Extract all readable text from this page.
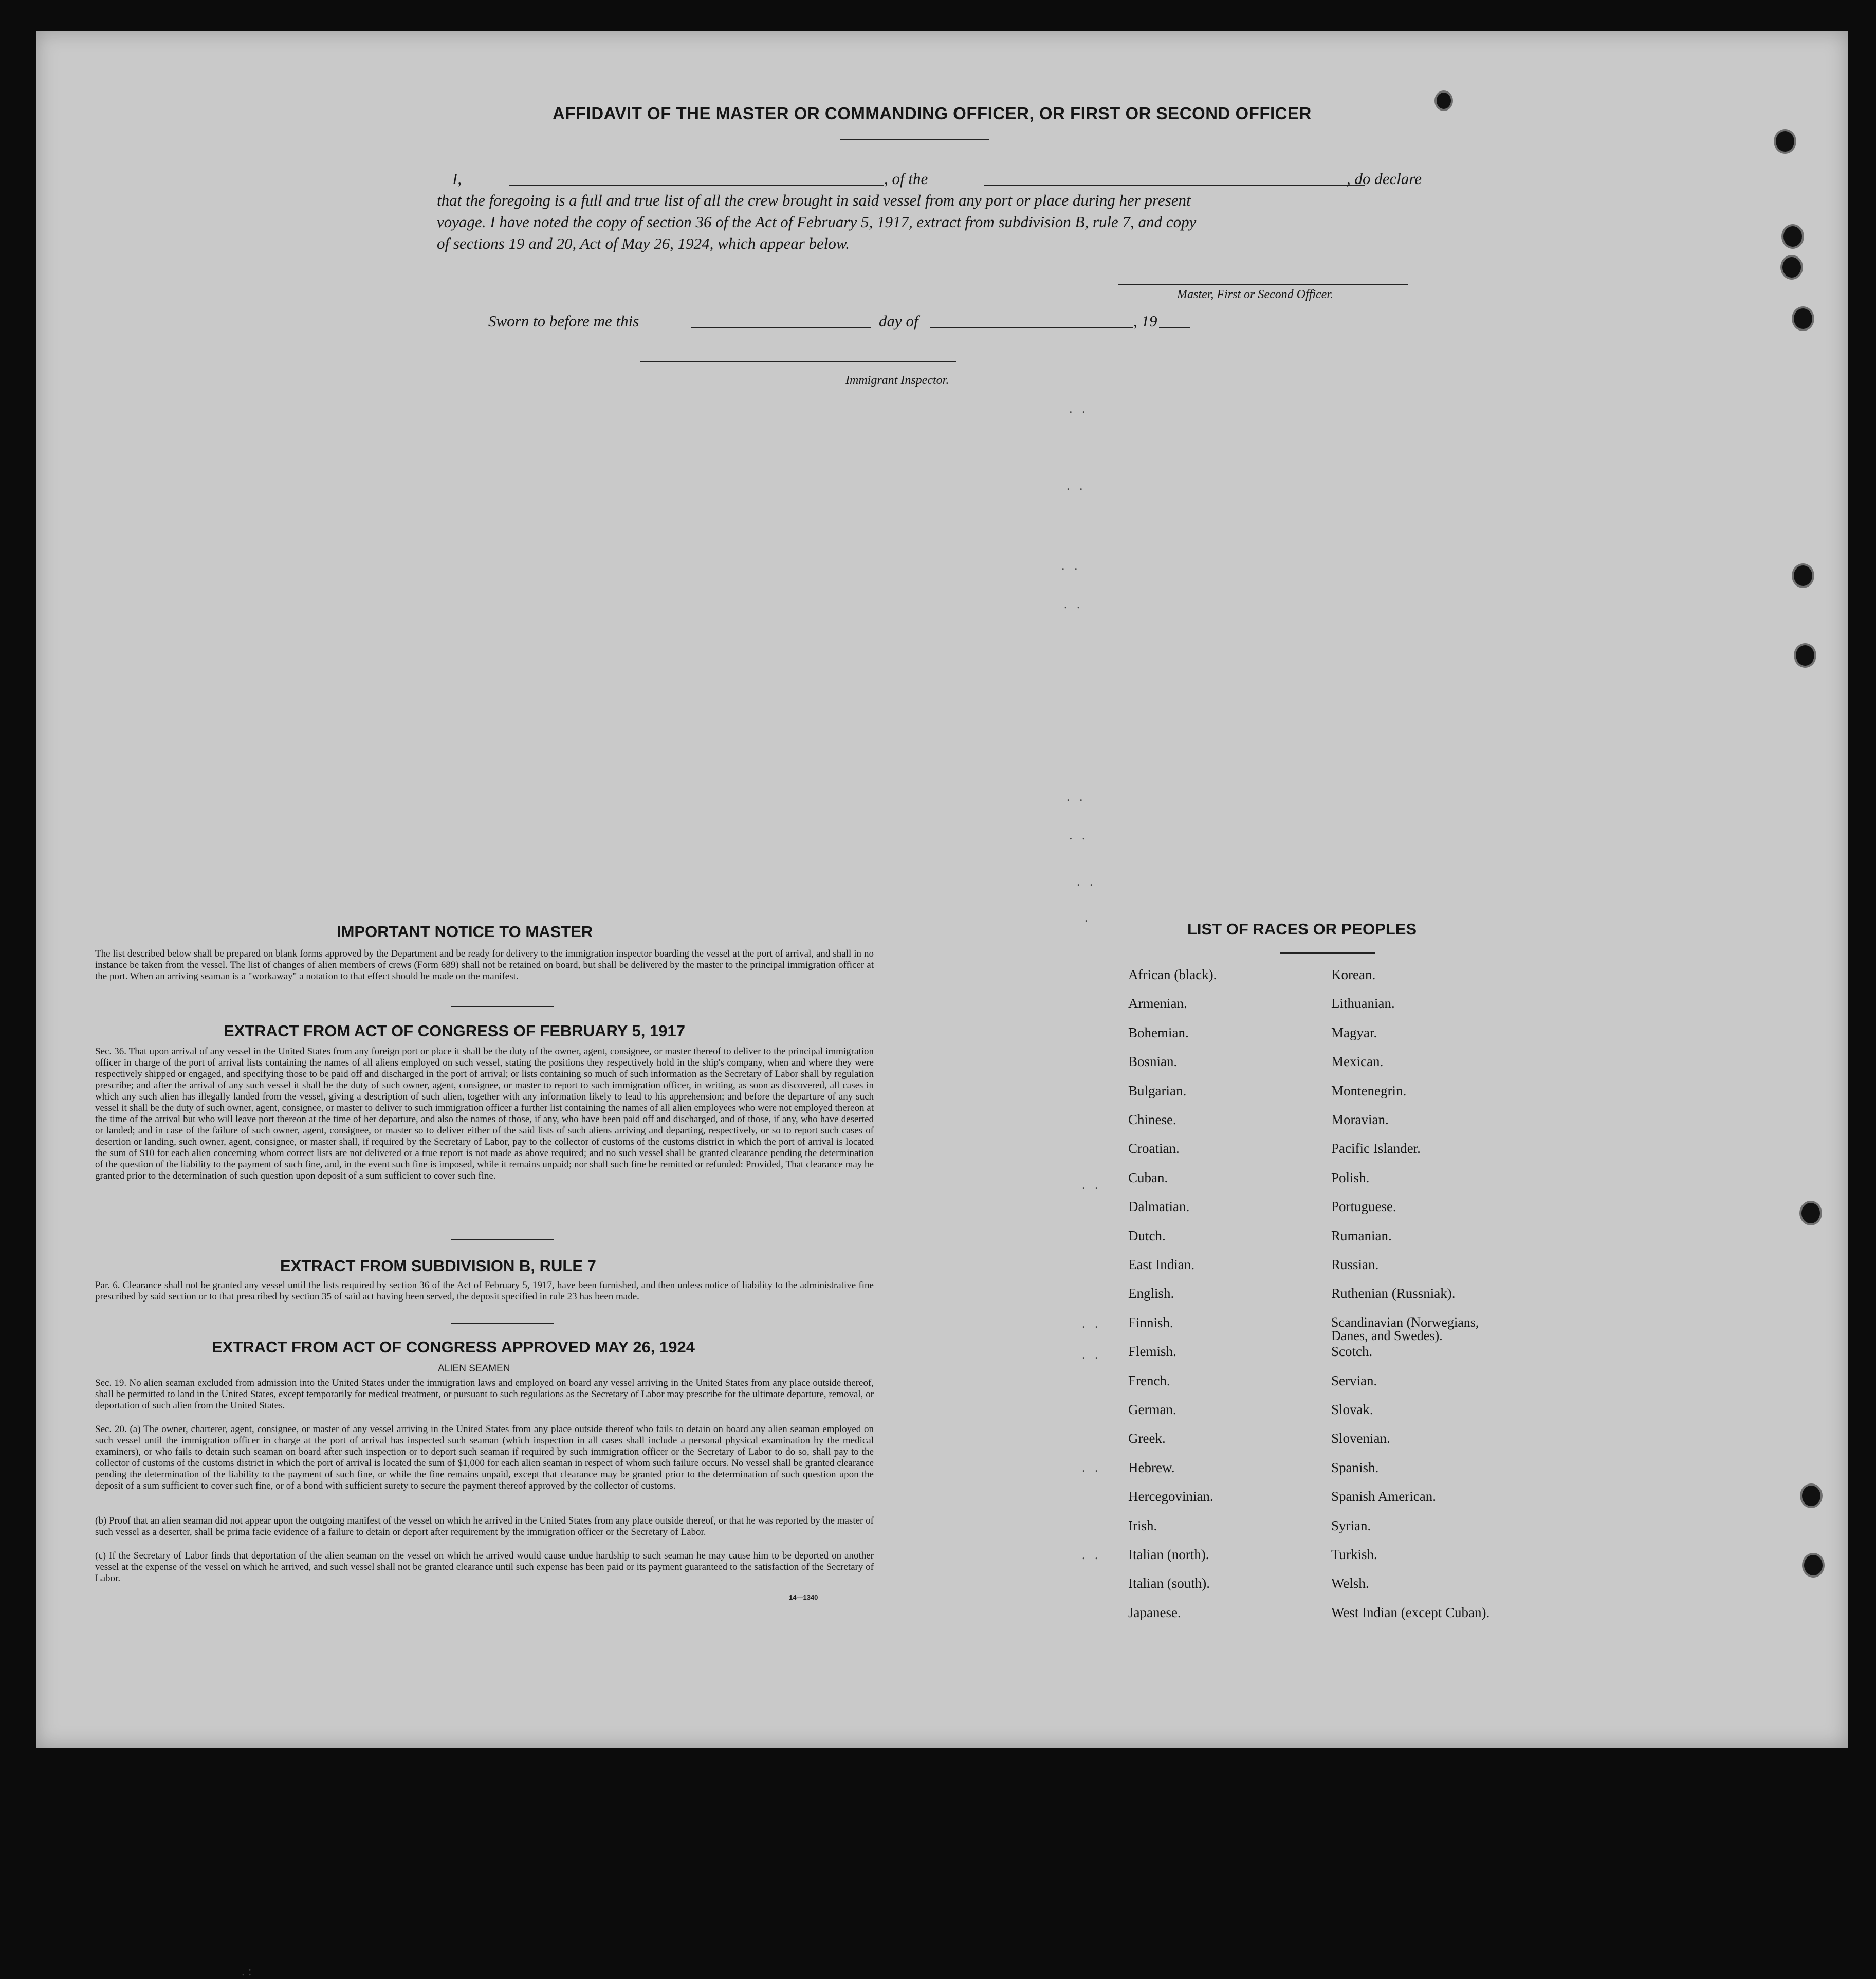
. .
. .
. .
. .
. .
. .
. .
.
. .
. .
. .
. .
. .
.:
AFFIDAVIT OF THE MASTER OR COMMANDING OFFICER, OR FIRST OR SECOND OFFICER
I,	, of the	, do declare
that the foregoing is a full and true list of all the crew brought in said vessel from any port or place during her present
voyage. I have noted the copy of section 36 of the Act of February 5, 1917, extract from subdivision B, rule 7, and copy
of sections 19 and 20, Act of May 26, 1924, which appear below.
Master, First or Second Officer.
Sworn to before me this	day of	, 19
Immigrant Inspector.
IMPORTANT NOTICE TO MASTER
The list described below shall be prepared on blank forms approved by the Department and be ready for delivery to the immigration inspector boarding the vessel at the port of arrival, and shall in no instance be taken from the vessel. The list of changes of alien members of crews (Form 689) shall not be retained on board, but shall be delivered by the master to the principal immigration officer at the port. When an arriving seaman is a "workaway" a notation to that effect should be made on the manifest.
EXTRACT FROM ACT OF CONGRESS OF FEBRUARY 5, 1917
Sec. 36. That upon arrival of any vessel in the United States from any foreign port or place it shall be the duty of the owner, agent, consignee, or master thereof to deliver to the principal immigration officer in charge of the port of arrival lists containing the names of all aliens employed on such vessel, stating the positions they respectively hold in the ship's company, when and where they were respectively shipped or engaged, and specifying those to be paid off and discharged in the port of arrival; or lists containing so much of such information as the Secretary of Labor shall by regulation prescribe; and after the arrival of any such vessel it shall be the duty of such owner, agent, consignee, or master to report to such immigration officer, in writing, as soon as discovered, all cases in which any such alien has illegally landed from the vessel, giving a description of such alien, together with any information likely to lead to his apprehension; and before the departure of any such vessel it shall be the duty of such owner, agent, consignee, or master to deliver to such immigration officer a further list containing the names of all alien employees who were not employed thereon at the time of the arrival but who will leave port thereon at the time of her departure, and also the names of those, if any, who have been paid off and discharged, and of those, if any, who have deserted or landed; and in case of the failure of such owner, agent, consignee, or master so to deliver either of the said lists of such aliens arriving and departing, respectively, or so to report such cases of desertion or landing, such owner, agent, consignee, or master shall, if required by the Secretary of Labor, pay to the collector of customs of the customs district in which the port of arrival is located the sum of $10 for each alien concerning whom correct lists are not delivered or a true report is not made as above required; and no such vessel shall be granted clearance pending the determination of the question of the liability to the payment of such fine, and, in the event such fine is imposed, while it remains unpaid; nor shall such fine be remitted or refunded: Provided, That clearance may be granted prior to the determination of such question upon deposit of a sum sufficient to cover such fine.
EXTRACT FROM SUBDIVISION B, RULE 7
Par. 6. Clearance shall not be granted any vessel until the lists required by section 36 of the Act of February 5, 1917, have been furnished, and then unless notice of liability to the administrative fine prescribed by said section or to that prescribed by section 35 of said act having been served, the deposit specified in rule 23 has been made.
EXTRACT FROM ACT OF CONGRESS APPROVED MAY 26, 1924
ALIEN SEAMEN
Sec. 19. No alien seaman excluded from admission into the United States under the immigration laws and employed on board any vessel arriving in the United States from any place outside thereof, shall be permitted to land in the United States, except temporarily for medical treatment, or pursuant to such regulations as the Secretary of Labor may prescribe for the ultimate departure, removal, or deportation of such alien from the United States.
Sec. 20. (a) The owner, charterer, agent, consignee, or master of any vessel arriving in the United States from any place outside thereof who fails to detain on board any alien seaman employed on such vessel until the immigration officer in charge at the port of arrival has inspected such seaman (which inspection in all cases shall include a personal physical examination by the medical examiners), or who fails to detain such seaman on board after such inspection or to deport such seaman if required by such immigration officer or the Secretary of Labor to do so, shall pay to the collector of customs of the customs district in which the port of arrival is located the sum of $1,000 for each alien seaman in respect of whom such failure occurs. No vessel shall be granted clearance pending the determination of the liability to the payment of such fine, or while the fine remains unpaid, except that clearance may be granted prior to the determination of such question upon the deposit of a sum sufficient to cover such fine, or of a bond with sufficient surety to secure the payment thereof approved by the collector of customs.
(b) Proof that an alien seaman did not appear upon the outgoing manifest of the vessel on which he arrived in the United States from any place outside thereof, or that he was reported by the master of such vessel as a deserter, shall be prima facie evidence of a failure to detain or deport after requirement by the immigration officer or the Secretary of Labor.
(c) If the Secretary of Labor finds that deportation of the alien seaman on the vessel on which he arrived would cause undue hardship to such seaman he may cause him to be deported on another vessel at the expense of the vessel on which he arrived, and such vessel shall not be granted clearance until such expense has been paid or its payment guaranteed to the satisfaction of the Secretary of Labor.
14—1340
LIST OF RACES OR PEOPLES
African (black).
Armenian.
Bohemian.
Bosnian.
Bulgarian.
Chinese.
Croatian.
Cuban.
Dalmatian.
Dutch.
East Indian.
English.
Finnish.
Flemish.
French.
German.
Greek.
Hebrew.
Hercegovinian.
Irish.
Italian (north).
Italian (south).
Japanese.
Korean.
Lithuanian.
Magyar.
Mexican.
Montenegrin.
Moravian.
Pacific Islander.
Polish.
Portuguese.
Rumanian.
Russian.
Ruthenian (Russniak).
Scandinavian (Norwegians, Danes, and Swedes).
Scotch.
Servian.
Slovak.
Slovenian.
Spanish.
Spanish American.
Syrian.
Turkish.
Welsh.
West Indian (except Cuban).
